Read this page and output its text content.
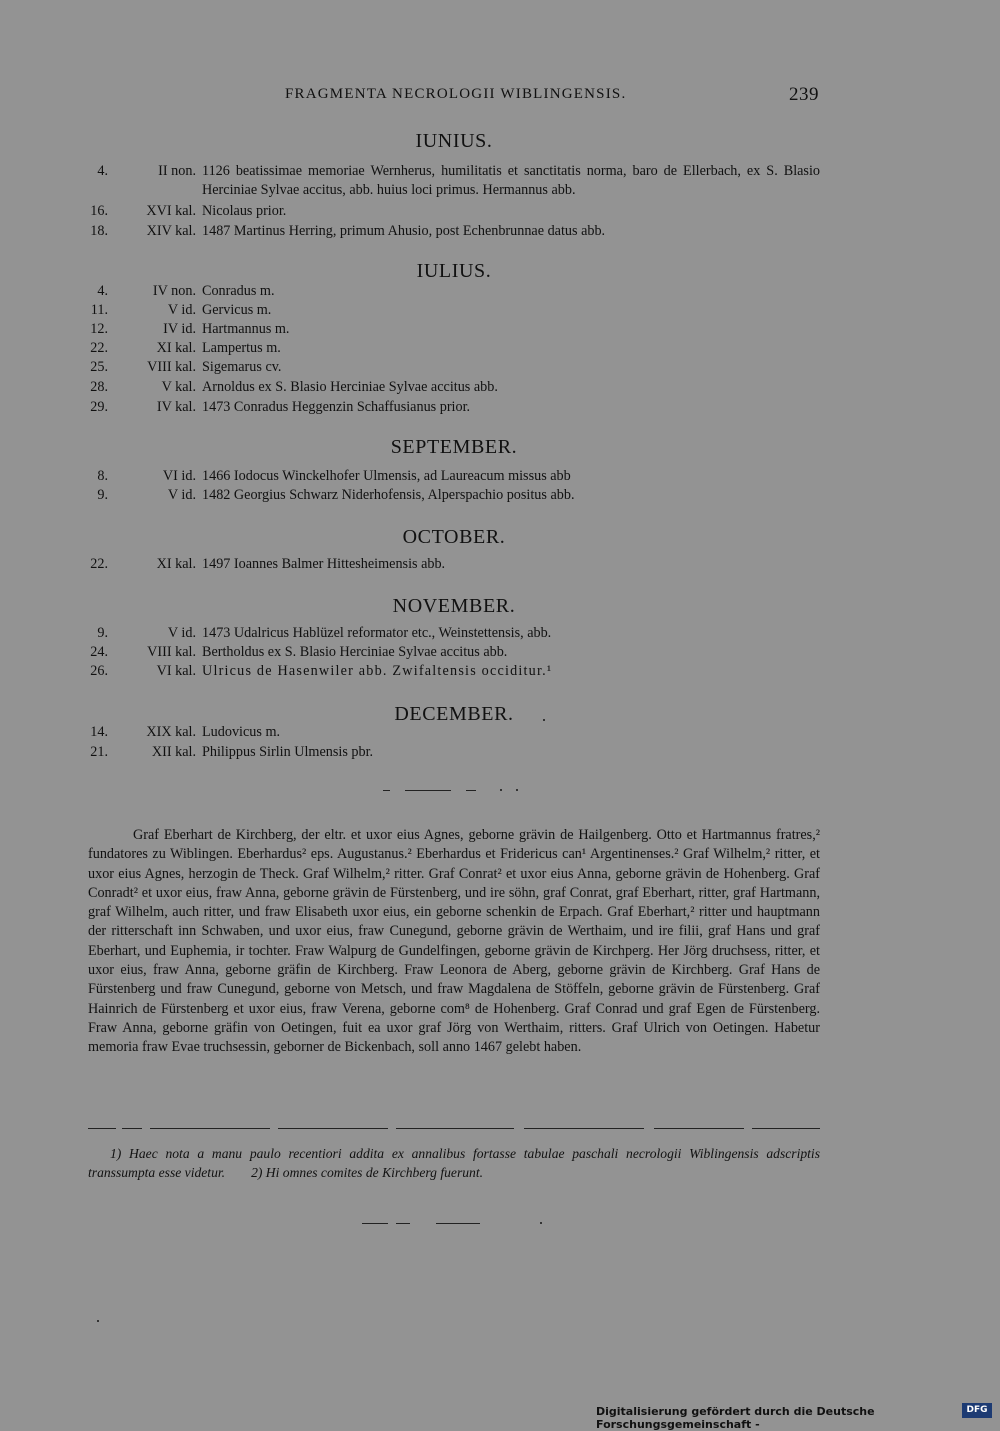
FRAGMENTA NECROLOGII WIBLINGENSIS.	239
IUNIUS.
4.	II non. 1126 beatissimae memoriae Wernherus, humilitatis et sanctitatis norma, baro de Ellerbach, ex S. Blasio Herciniae Sylvae accitus, abb. huius loci primus. Hermannus abb.
16.	XVI kal. Nicolaus prior.
18.	XIV kal. 1487 Martinus Herring, primum Ahusio, post Echenbrunnae datus abb.
IULIUS.
4.	IV non. Conradus m.
11.	V id. Gervicus m.
12.	IV id. Hartmannus m.
22.	XI kal. Lampertus m.
25.	VIII kal. Sigemarus cv.
28.	V kal. Arnoldus ex S. Blasio Herciniae Sylvae accitus abb.
29.	IV kal. 1473 Conradus Heggenzin Schaffusianus prior.
SEPTEMBER.
8.	VI id. 1466 Iodocus Winckelhofer Ulmensis, ad Laureacum missus abb
9.	V id. 1482 Georgius Schwarz Niderhofensis, Alperspachio positus abb.
OCTOBER.
22.	XI kal. 1497 Ioannes Balmer Hittesheimensis abb.
NOVEMBER.
9.	V id. 1473 Udalricus Hablüzel reformator etc., Weinstettensis, abb.
24.	VIII kal. Bertholdus ex S. Blasio Herciniae Sylvae accitus abb.
26.	VI kal. Ulricus de Hasenwiler abb. Zwifaltensis occiditur.¹
DECEMBER.
14.	XIX kal. Ludovicus m.
21.	XII kal. Philippus Sirlin Ulmensis pbr.
Graf Eberhart de Kirchberg, der eltr. et uxor eius Agnes, geborne grävin de Hailgenberg. Otto et Hartmannus fratres,² fundatores zu Wiblingen. Eberhardus² eps. Augustanus.² Eberhardus et Fridericus can¹ Argentinenses.² Graf Wilhelm,² ritter, et uxor eius Agnes, herzogin de Theck. Graf Wilhelm,² ritter. Graf Conrat² et uxor eius Anna, geborne grävin de Hohenberg. Graf Conradt² et uxor eius, fraw Anna, geborne grävin de Fürstenberg, und ire söhn, graf Conrat, graf Eberhart, ritter, graf Hartmann, graf Wilhelm, auch ritter, und fraw Elisabeth uxor eius, ein geborne schenkin de Erpach. Graf Eberhart,² ritter und hauptmann der ritterschaft inn Schwaben, und uxor eius, fraw Cunegund, geborne grävin de Werthaim, und ire filii, graf Hans und graf Eberhart, und Euphemia, ir tochter. Fraw Walpurg de Gundelfingen, geborne grävin de Kirchperg. Her Jörg druchsess, ritter, et uxor eius, fraw Anna, geborne gräfin de Kirchberg. Fraw Leonora de Aberg, geborne grävin de Kirchberg. Graf Hans de Fürstenberg und fraw Cunegund, geborne von Metsch, und fraw Magdalena de Stöffeln, geborne grävin de Fürstenberg. Graf Hainrich de Fürstenberg et uxor eius, fraw Verena, geborne com⁸ de Hohenberg. Graf Conrad und graf Egen de Fürstenberg. Fraw Anna, geborne gräfin von Oetingen, fuit ea uxor graf Jörg von Werthaim, ritters. Graf Ulrich von Oetingen. Habetur memoria fraw Evae truchsessin, geborner de Bickenbach, soll anno 1467 gelebt haben.
1) Haec nota a manu paulo recentiori addita ex annalibus fortasse tabulae paschali necrologii Wiblingensis adscriptis transsumpta esse videtur. 2) Hi omnes comites de Kirchberg fuerunt.
Digitalisierung gefördert durch die Deutsche Forschungsgemeinschaft -
DFG
